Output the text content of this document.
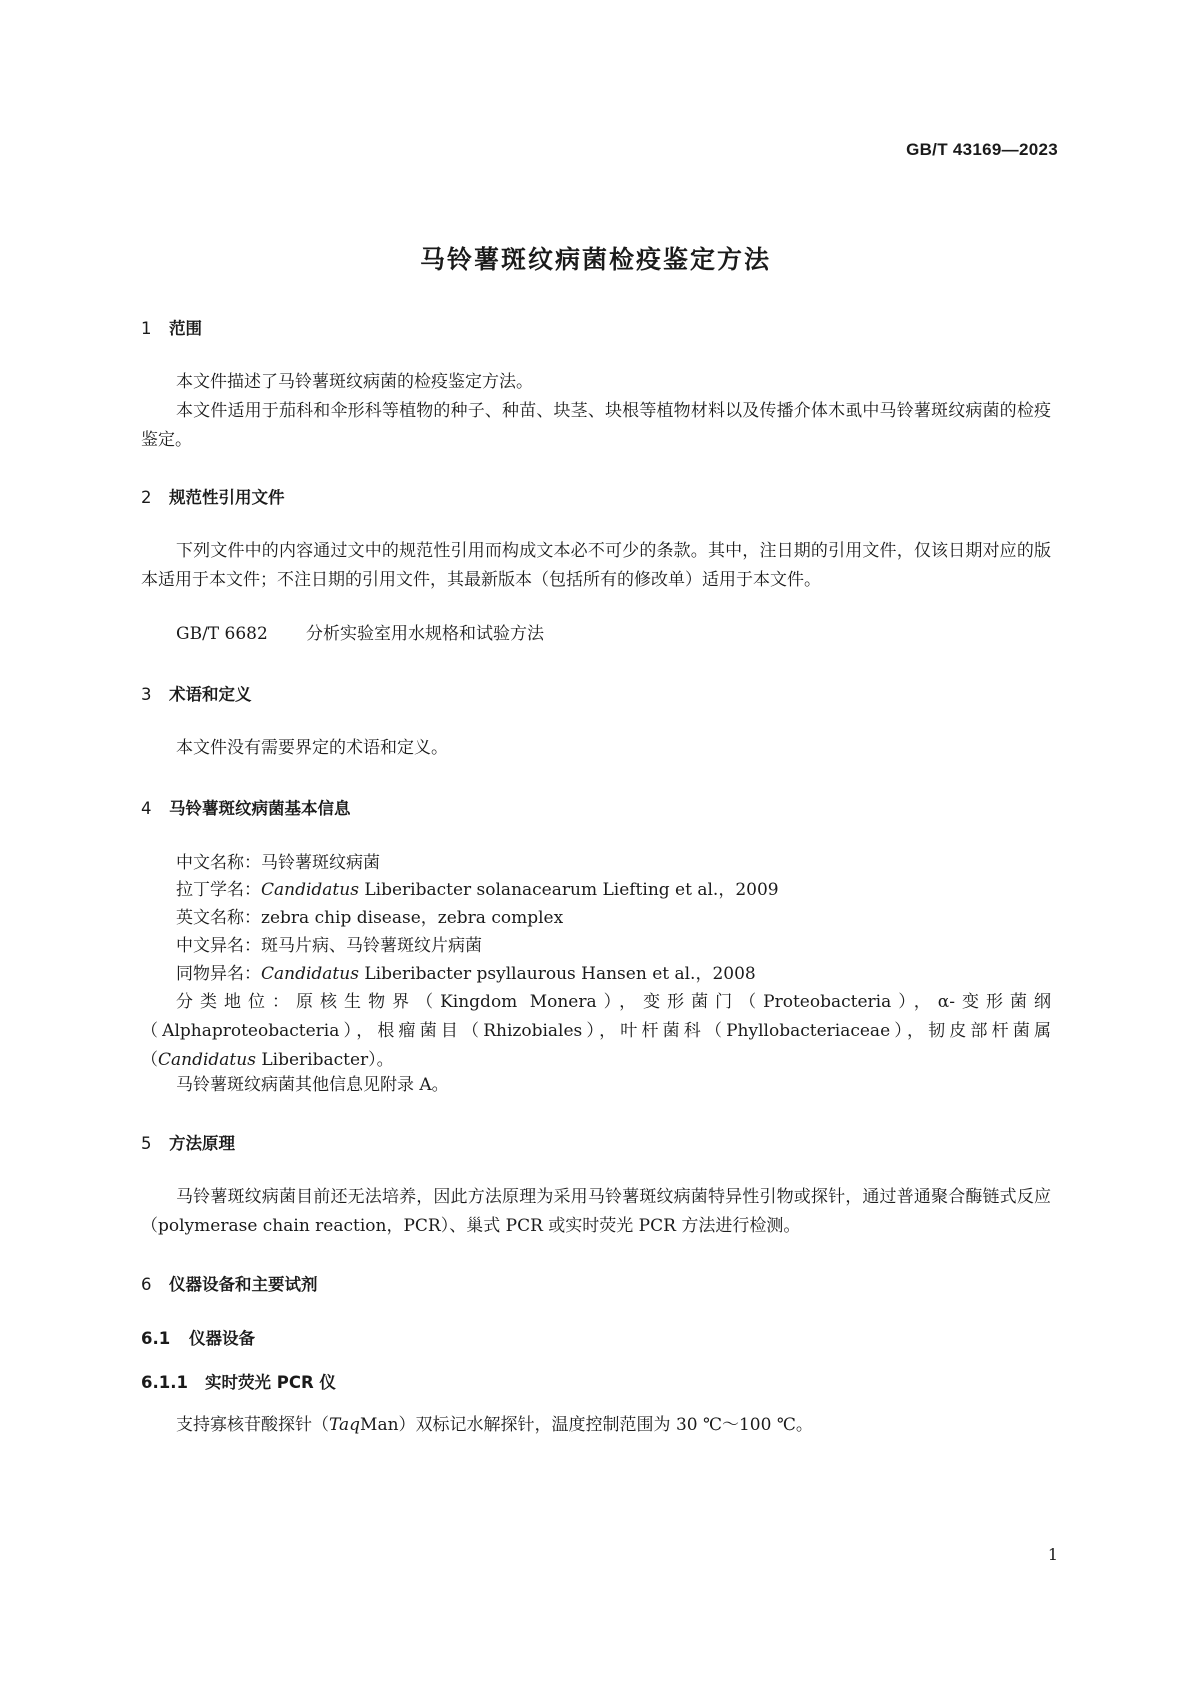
GB/T 43169—2023
马铃薯斑纹病菌检疫鉴定方法
1 范围

本文件描述了马铃薯斑纹病菌的检疫鉴定方法。

本文件适用于茄科和伞形科等植物的种子、种苗、块茎、块根等植物材料以及传播介体木虱中马铃薯斑纹病菌的检疫鉴定。

2 规范性引用文件

下列文件中的内容通过文中的规范性引用而构成文本必不可少的条款。其中，注日期的引用文件，仅该日期对应的版本适用于本文件；不注日期的引用文件，其最新版本（包括所有的修改单）适用于本文件。

GB/T 6682 分析实验室用水规格和试验方法
3 术语和定义

本文件没有需要界定的术语和定义。

4 马铃薯斑纹病菌基本信息
中文名称：马铃薯斑纹病菌
拉丁学名：Candidatus Liberibacter solanacearum Liefting et al.，2009
英文名称：zebra chip disease，zebra complex
中文异名：斑马片病、马铃薯斑纹片病菌
同物异名：Candidatus Liberibacter psyllaurous Hansen et al.，2008

分类地位：原核生物界（Kingdom Monera），变形菌门（Proteobacteria），α-变形菌纲（Alphaproteobacteria），根瘤菌目（Rhizobiales），叶杆菌科（Phyllobacteriaceae），韧皮部杆菌属（Candidatus Liberibacter）。

马铃薯斑纹病菌其他信息见附录 A。

5 方法原理

马铃薯斑纹病菌目前还无法培养，因此方法原理为采用马铃薯斑纹病菌特异性引物或探针，通过普通聚合酶链式反应（polymerase chain reaction，PCR）、巢式 PCR 或实时荧光 PCR 方法进行检测。

6 仪器设备和主要试剂
6.1 仪器设备
6.1.1 实时荧光 PCR 仪
支持寡核苷酸探针（TaqMan）双标记水解探针，温度控制范围为 30 ℃～100 ℃。
1
